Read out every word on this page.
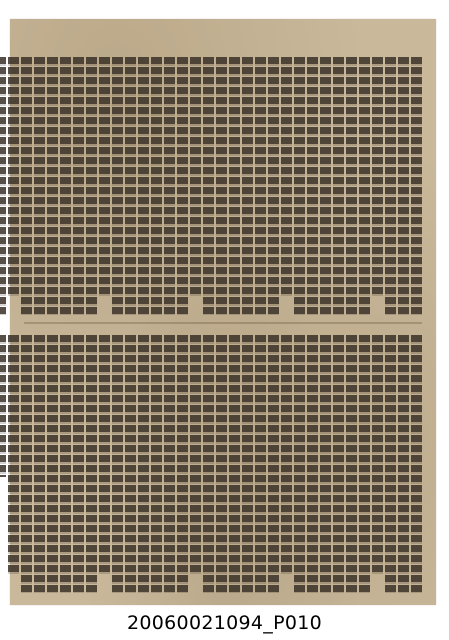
20060021094_P010
